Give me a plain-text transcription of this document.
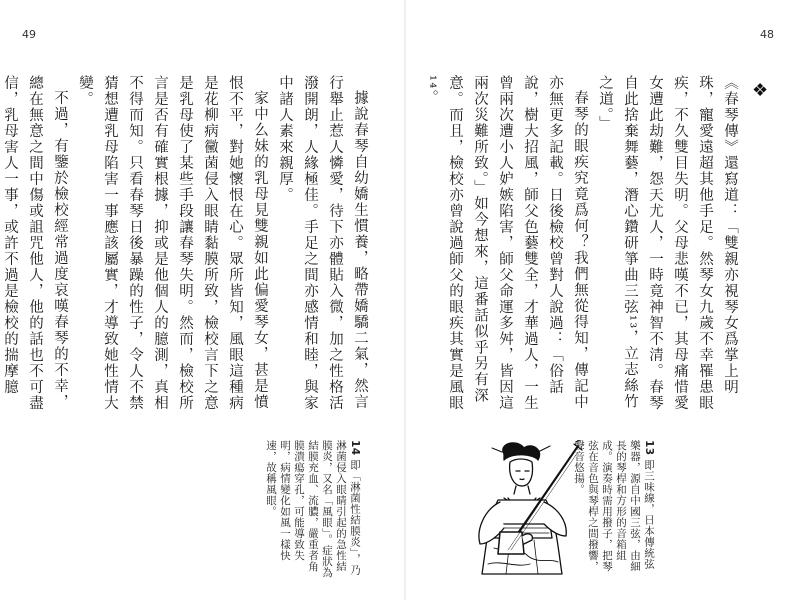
49	48
❖

《春琴傳》還寫道：「雙親亦視琴女爲掌上明珠，寵愛遠超其他手足。然琴女九歲不幸罹患眼疾，不久雙目失明。父母悲嘆不已，其母痛惜愛女遭此劫難，怨天尤人，一時竟神智不清。春琴自此捨棄舞藝，潛心鑽研箏曲三弦¹³，立志絲竹之道。」

春琴的眼疾究竟爲何？我們無從得知，傳記中亦無更多記載。日後檢校曾對人說過：「俗話說，樹大招風，師父色藝雙全，才華過人，一生曾兩次遭小人妒嫉陷害，師父命運多舛，皆因這兩次災難所致。」如今想來，這番話似乎另有深意。而且，檢校亦曾說過師父的眼疾其實是風眼¹⁴。

據說春琴自幼嬌生慣養，略帶嬌驕二氣，然言行舉止惹人憐愛，待下亦體貼入微，加之性格活潑開朗，人緣極佳。手足之間亦感情和睦，與家中諸人素來親厚。

家中么妹的乳母見雙親如此偏愛琴女，甚是憤恨不平，對她懷恨在心。眾所皆知，風眼這種病是花柳病黴菌侵入眼睛黏膜所致，檢校言下之意是乳母使了某些手段讓春琴失明。然而，檢校所言是否有確實根據，抑或是他個人的臆測，真相不得而知。只看春琴日後暴躁的性子，令人不禁猜想遭乳母陷害一事應該屬實，才導致她性情大變。

不過，有鑒於檢校經常過度哀嘆春琴的不幸，總在無意之間中傷或詛咒他人，他的話也不可盡信，乳母害人一事，或許不過是檢校的揣摩臆

13 即三味線，日本傳統弦樂器，源自中國三弦，由細長的琴桿和方形的音箱組成。演奏時需用撥子，把琴弦在音色與琴桿之間撥響，聲音悠揚。
14 即「淋菌性結膜炎」，乃淋菌侵入眼睛引起的急性結膜炎，又名「風眼」。症狀為結膜充血、流膿，嚴重者角膜潰瘍穿孔，可能導致失明，病情變化如風一樣快速，故稱風眼。
